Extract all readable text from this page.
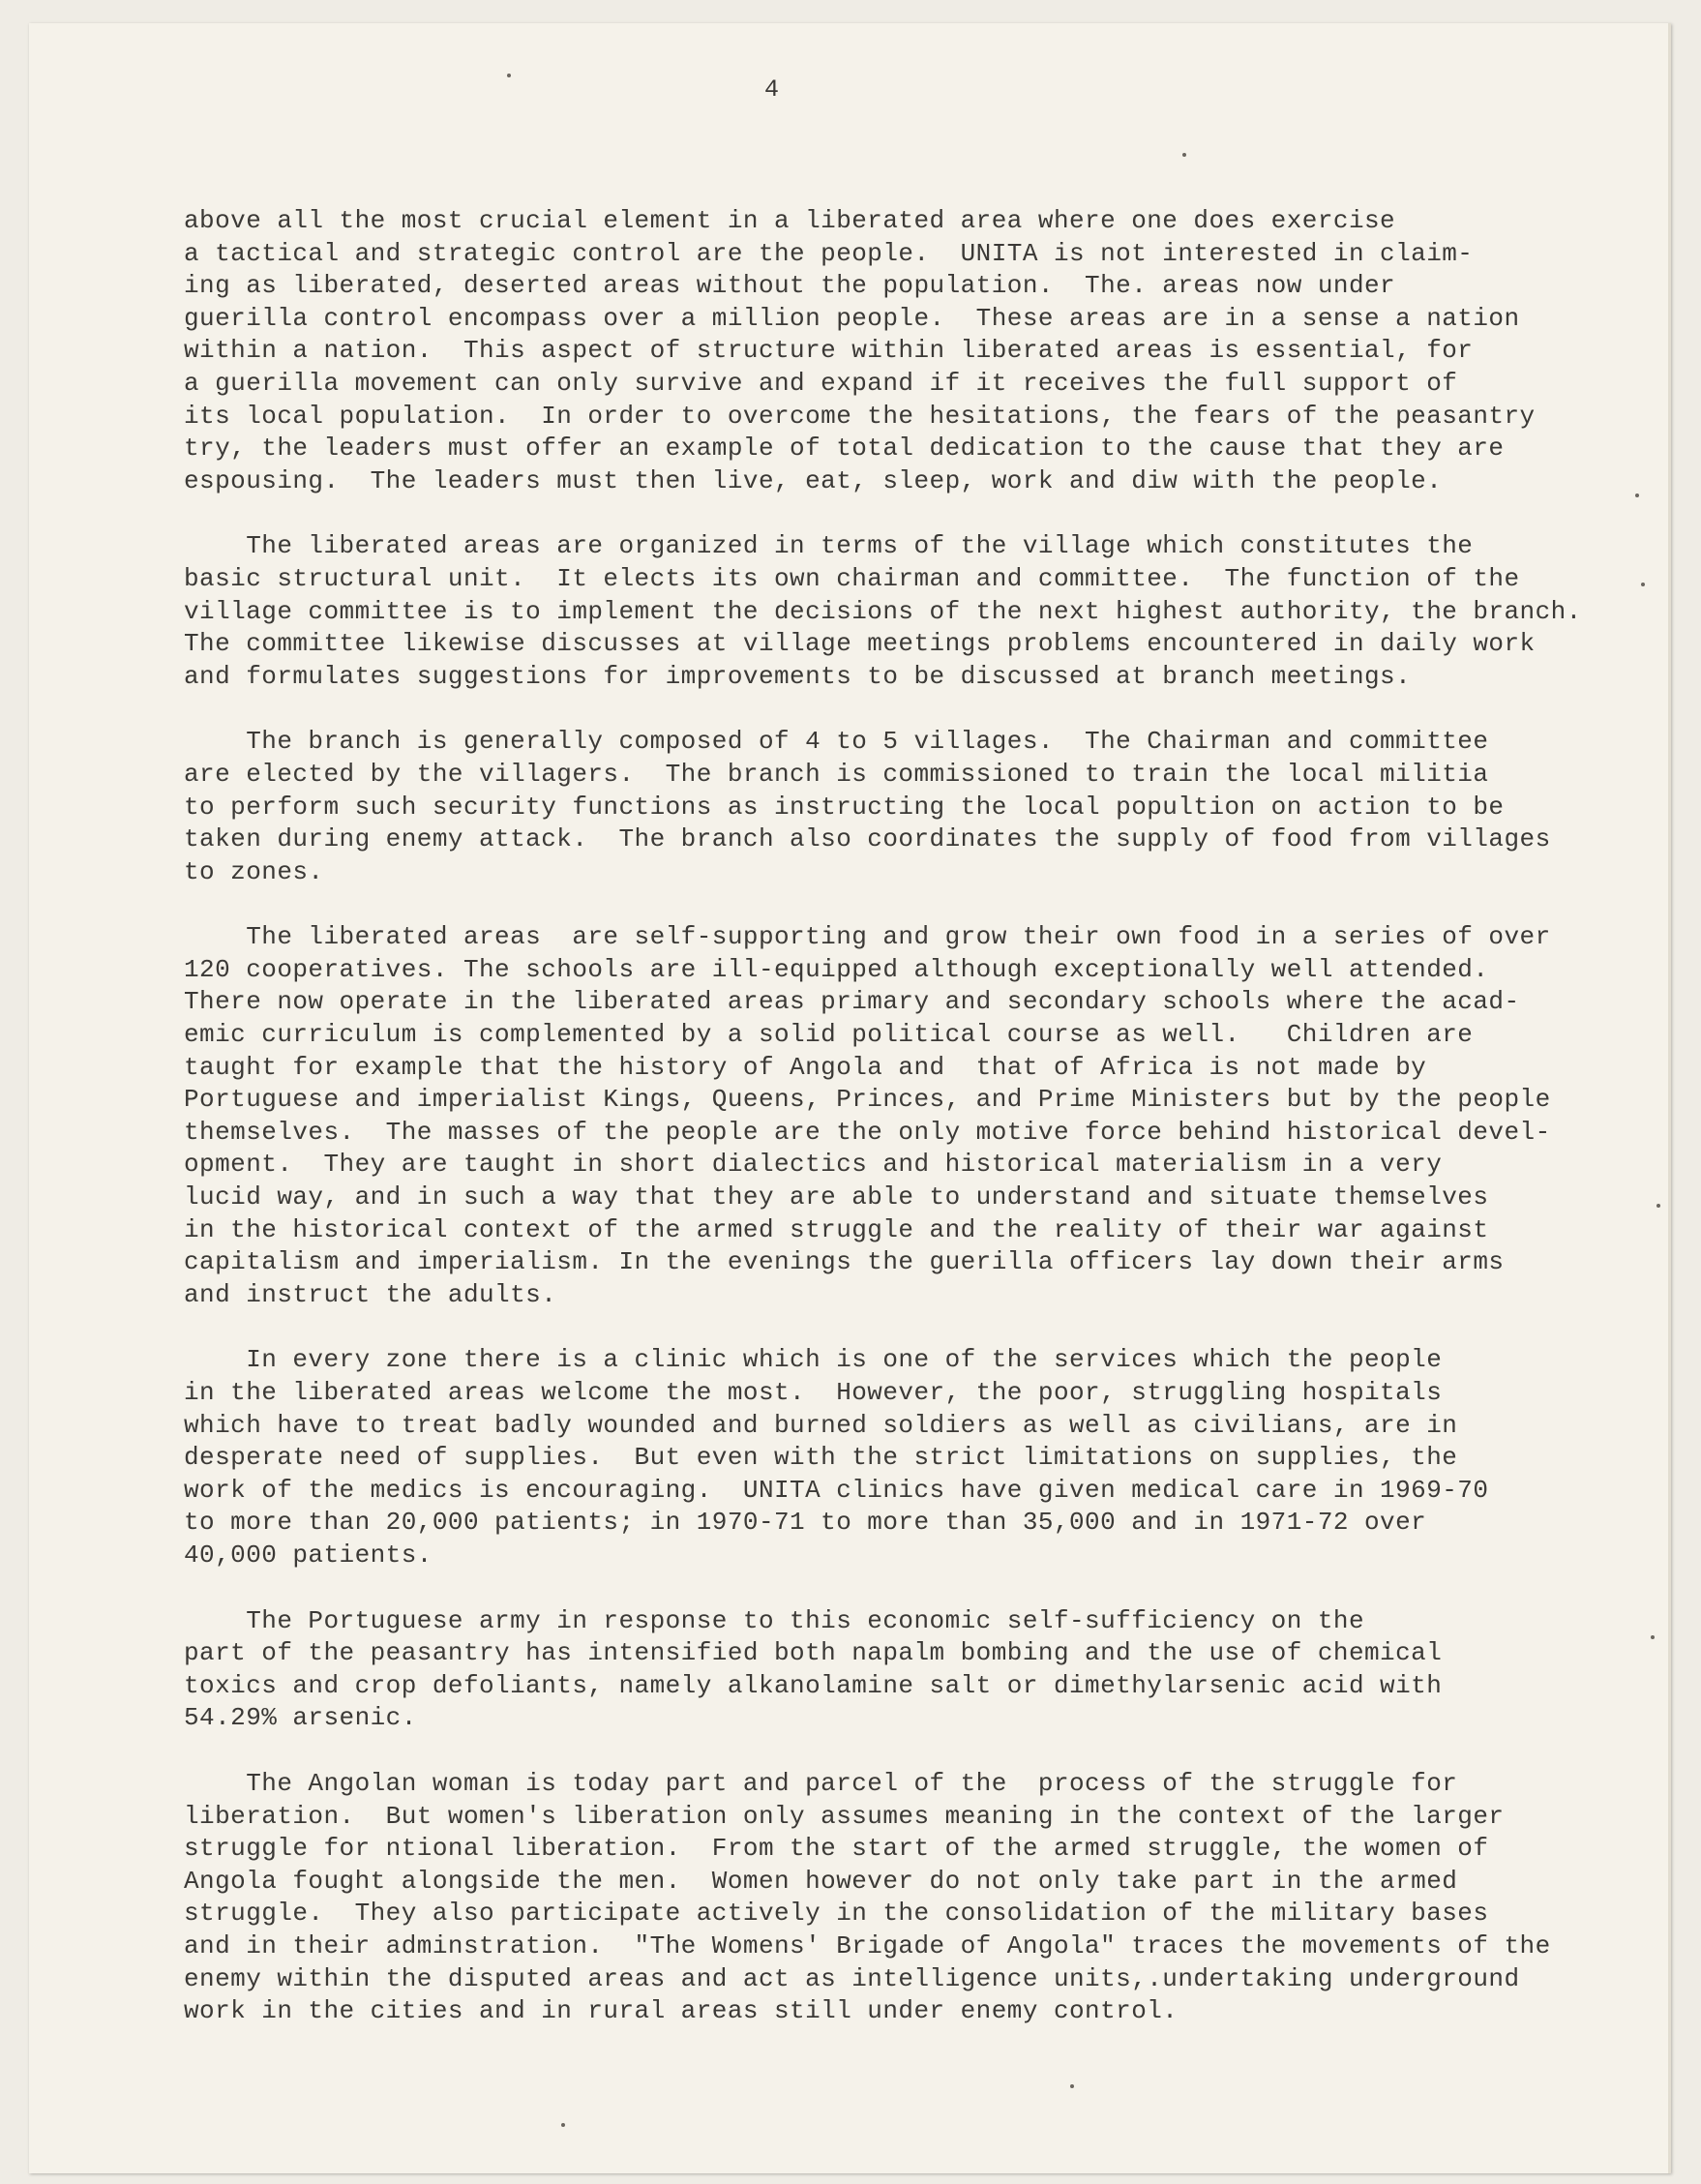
4
above all the most crucial element in a liberated area where one does exercise
a tactical and strategic control are the people.  UNITA is not interested in claim-
ing as liberated, deserted areas without the population.  The. areas now under
guerilla control encompass over a million people.  These areas are in a sense a nation
within a nation.  This aspect of structure within liberated areas is essential, for
a guerilla movement can only survive and expand if it receives the full support of
its local population.  In order to overcome the hesitations, the fears of the peasantry
try, the leaders must offer an example of total dedication to the cause that they are
espousing.  The leaders must then live, eat, sleep, work and diw with the people.
The liberated areas are organized in terms of the village which constitutes the
basic structural unit.  It elects its own chairman and committee.  The function of the
village committee is to implement the decisions of the next highest authority, the branch.
The committee likewise discusses at village meetings problems encountered in daily work
and formulates suggestions for improvements to be discussed at branch meetings.
The branch is generally composed of 4 to 5 villages.  The Chairman and committee
are elected by the villagers.  The branch is commissioned to train the local militia
to perform such security functions as instructing the local popultion on action to be
taken during enemy attack.  The branch also coordinates the supply of food from villages
to zones.
The liberated areas  are self-supporting and grow their own food in a series of over
120 cooperatives. The schools are ill-equipped although exceptionally well attended.
There now operate in the liberated areas primary and secondary schools where the acad-
emic curriculum is complemented by a solid political course as well.   Children are
taught for example that the history of Angola and  that of Africa is not made by
Portuguese and imperialist Kings, Queens, Princes, and Prime Ministers but by the people
themselves.  The masses of the people are the only motive force behind historical devel-
opment.  They are taught in short dialectics and historical materialism in a very
lucid way, and in such a way that they are able to understand and situate themselves
in the historical context of the armed struggle and the reality of their war against
capitalism and imperialism. In the evenings the guerilla officers lay down their arms
and instruct the adults.
In every zone there is a clinic which is one of the services which the people
in the liberated areas welcome the most.  However, the poor, struggling hospitals
which have to treat badly wounded and burned soldiers as well as civilians, are in
desperate need of supplies.  But even with the strict limitations on supplies, the
work of the medics is encouraging.  UNITA clinics have given medical care in 1969-70
to more than 20,000 patients; in 1970-71 to more than 35,000 and in 1971-72 over
40,000 patients.
The Portuguese army in response to this economic self-sufficiency on the
part of the peasantry has intensified both napalm bombing and the use of chemical
toxics and crop defoliants, namely alkanolamine salt or dimethylarsenic acid with
54.29% arsenic.
The Angolan woman is today part and parcel of the  process of the struggle for
liberation.  But women's liberation only assumes meaning in the context of the larger
struggle for ntional liberation.  From the start of the armed struggle, the women of
Angola fought alongside the men.  Women however do not only take part in the armed
struggle.  They also participate actively in the consolidation of the military bases
and in their adminstration.  "The Womens' Brigade of Angola" traces the movements of the
enemy within the disputed areas and act as intelligence units,.undertaking underground
work in the cities and in rural areas still under enemy control.
